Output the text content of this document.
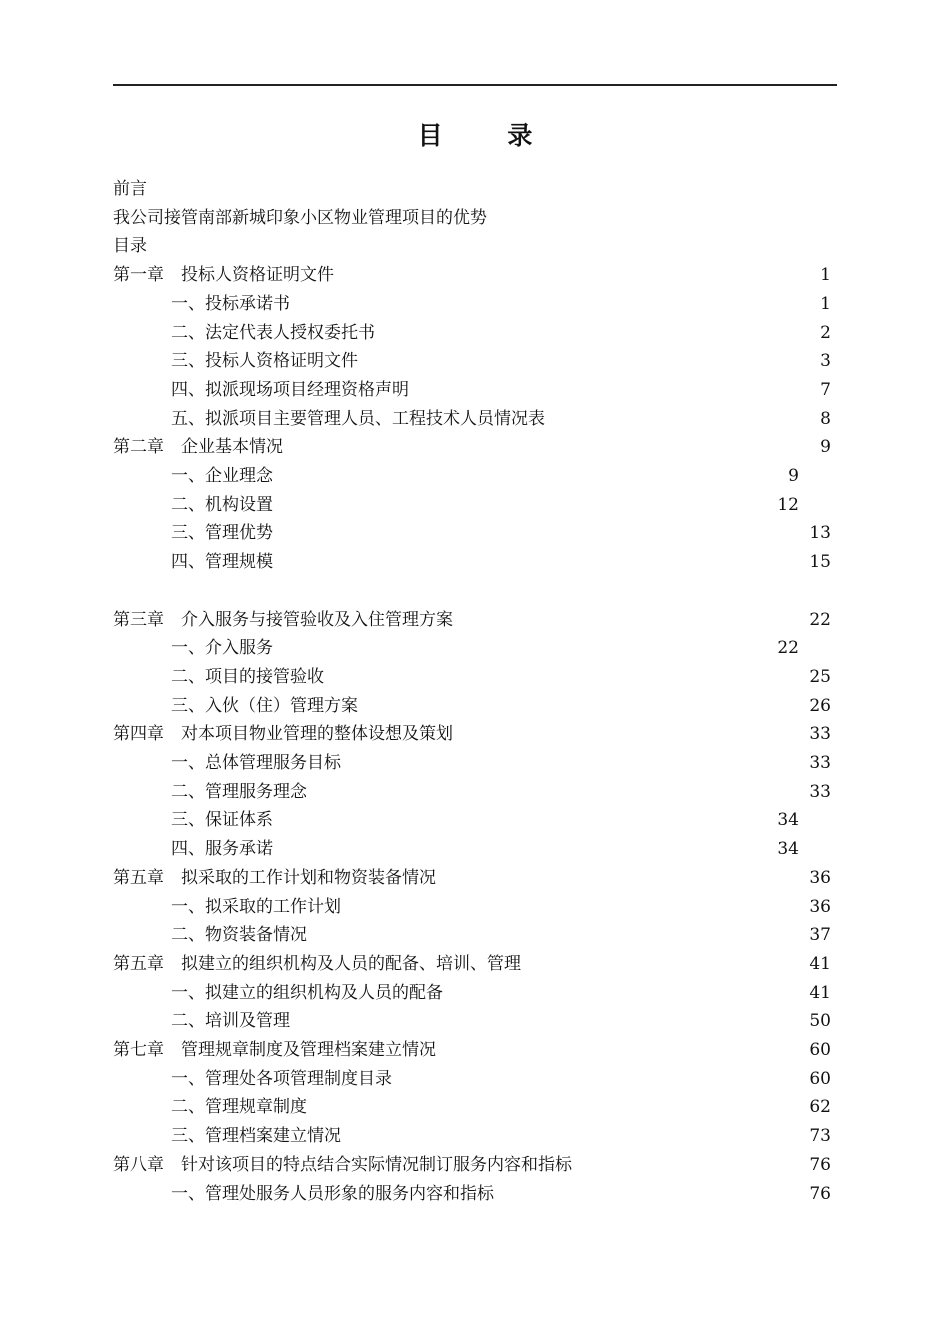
目 录
前言
我公司接管南部新城印象小区物业管理项目的优势
目录
第一章　投标人资格证明文件	1
一、投标承诺书	1
二、法定代表人授权委托书	2
三、投标人资格证明文件	3
四、拟派现场项目经理资格声明	7
五、拟派项目主要管理人员、工程技术人员情况表	8
第二章　企业基本情况	9
一、企业理念	9
二、机构设置	12
三、管理优势	13
四、管理规模	15
第三章　介入服务与接管验收及入住管理方案	22
一、介入服务	22
二、项目的接管验收	25
三、入伙（住）管理方案	26
第四章　对本项目物业管理的整体设想及策划	33
一、总体管理服务目标	33
二、管理服务理念	33
三、保证体系	34
四、服务承诺	34
第五章　拟采取的工作计划和物资装备情况	36
一、拟采取的工作计划	36
二、物资装备情况	37
第五章　拟建立的组织机构及人员的配备、培训、管理	41
一、拟建立的组织机构及人员的配备	41
二、培训及管理	50
第七章　管理规章制度及管理档案建立情况	60
一、管理处各项管理制度目录	60
二、管理规章制度	62
三、管理档案建立情况	73
第八章　针对该项目的特点结合实际情况制订服务内容和指标	76
一、管理处服务人员形象的服务内容和指标	76
